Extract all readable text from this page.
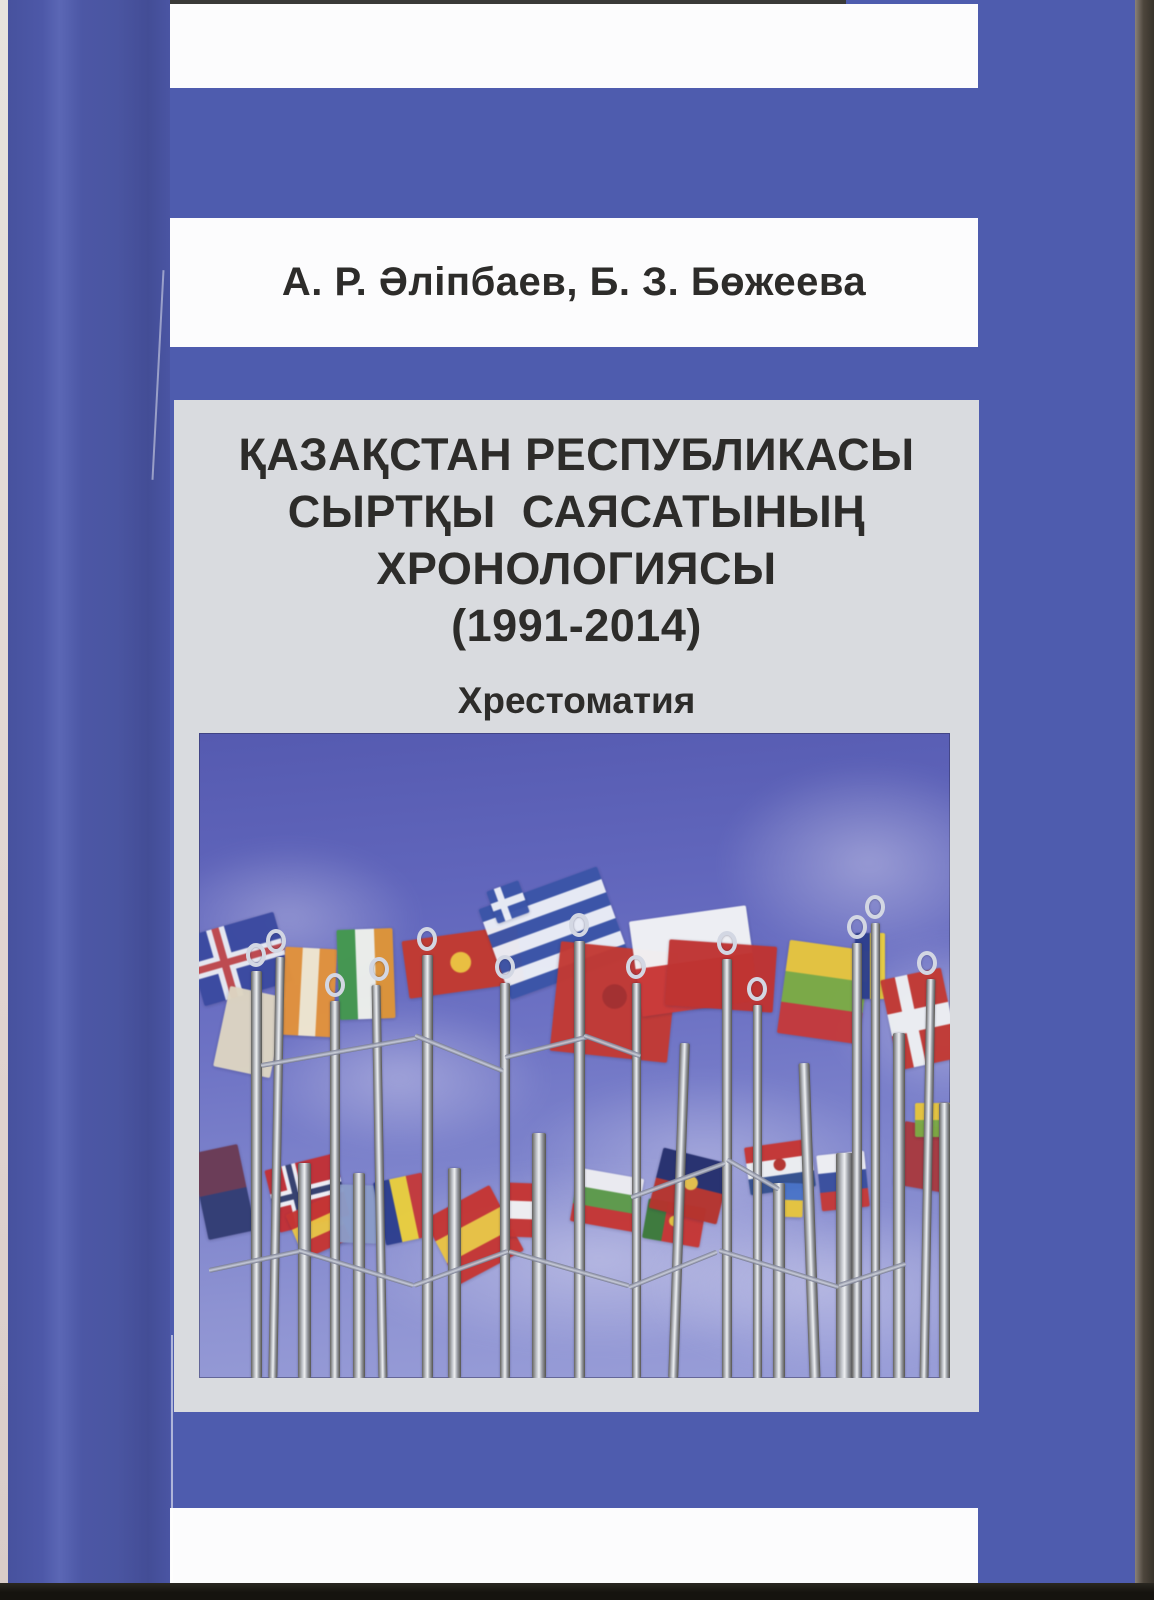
А. Р. Әліпбаев, Б. З. Бөжеева
ҚАЗАҚСТАН РЕСПУБЛИКАСЫ
СЫРТҚЫ  САЯСАТЫНЫҢ
ХРОНОЛОГИЯСЫ
(1991-2014)
Хрестоматия
